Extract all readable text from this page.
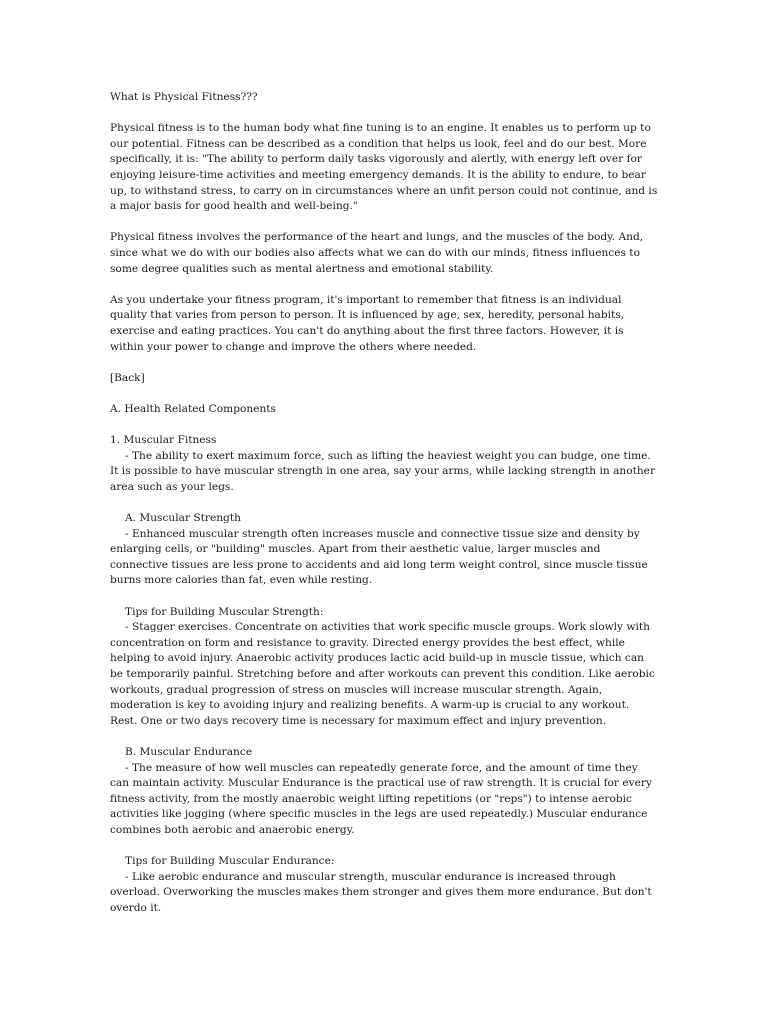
What is Physical Fitness???
Physical fitness is to the human body what fine tuning is to an engine. It enables us to perform up to our potential. Fitness can be described as a condition that helps us look, feel and do our best. More specifically, it is: "The ability to perform daily tasks vigorously and alertly, with energy left over for enjoying leisure-time activities and meeting emergency demands. It is the ability to endure, to bear up, to withstand stress, to carry on in circumstances where an unfit person could not continue, and is a major basis for good health and well-being."
Physical fitness involves the performance of the heart and lungs, and the muscles of the body. And, since what we do with our bodies also affects what we can do with our minds, fitness influences to some degree qualities such as mental alertness and emotional stability.
As you undertake your fitness program, it's important to remember that fitness is an individual quality that varies from person to person. It is influenced by age, sex, heredity, personal habits, exercise and eating practices. You can't do anything about the first three factors. However, it is within your power to change and improve the others where needed.
[Back]
A. Health Related Components
1. Muscular Fitness
- The ability to exert maximum force, such as lifting the heaviest weight you can budge, one time. It is possible to have muscular strength in one area, say your arms, while lacking strength in another area such as your legs.
A. Muscular Strength
- Enhanced muscular strength often increases muscle and connective tissue size and density by enlarging cells, or "building" muscles. Apart from their aesthetic value, larger muscles and connective tissues are less prone to accidents and aid long term weight control, since muscle tissue burns more calories than fat, even while resting.
Tips for Building Muscular Strength:
- Stagger exercises. Concentrate on activities that work specific muscle groups. Work slowly with concentration on form and resistance to gravity. Directed energy provides the best effect, while helping to avoid injury. Anaerobic activity produces lactic acid build-up in muscle tissue, which can be temporarily painful. Stretching before and after workouts can prevent this condition. Like aerobic workouts, gradual progression of stress on muscles will increase muscular strength. Again, moderation is key to avoiding injury and realizing benefits. A warm-up is crucial to any workout. Rest. One or two days recovery time is necessary for maximum effect and injury prevention.
B. Muscular Endurance
- The measure of how well muscles can repeatedly generate force, and the amount of time they can maintain activity. Muscular Endurance is the practical use of raw strength. It is crucial for every fitness activity, from the mostly anaerobic weight lifting repetitions (or "reps") to intense aerobic activities like jogging (where specific muscles in the legs are used repeatedly.) Muscular endurance combines both aerobic and anaerobic energy.
Tips for Building Muscular Endurance:
- Like aerobic endurance and muscular strength, muscular endurance is increased through overload. Overworking the muscles makes them stronger and gives them more endurance. But don't overdo it.
